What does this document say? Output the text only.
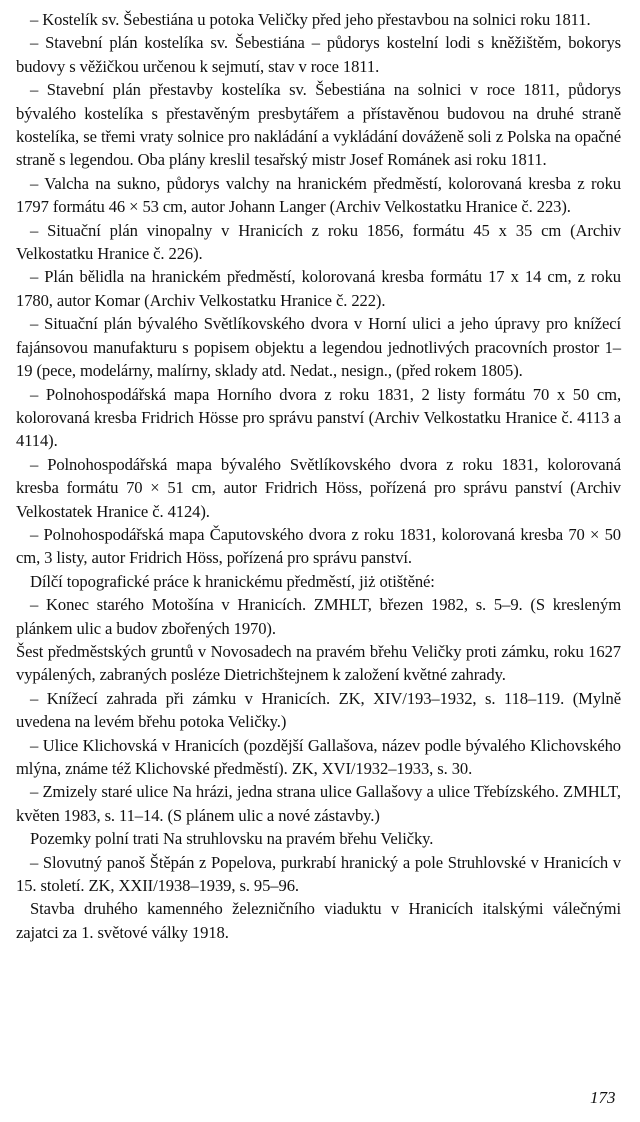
– Kostelík sv. Šebestiána u potoka Veličky před jeho přestavbou na solnici roku 1811.

– Stavební plán kostelíka sv. Šebestiána – půdorys kostelní lodi s kněžištěm, bokorys budovy s věžičkou určenou k sejmutí, stav v roce 1811.

– Stavební plán přestavby kostelíka sv. Šebestiána na solnici v roce 1811, půdorys bývalého kostelíka s přestavěným presbytářem a přístavěnou budovou na druhé straně kostelíka, se třemi vraty solnice pro nakládání a vykládání dováženě soli z Polska na opačné straně s legendou. Oba plány kreslil tesařský mistr Josef Románek asi roku 1811.

– Valcha na sukno, půdorys valchy na hranickém předměstí, kolorovaná kresba z roku 1797 formátu 46 × 53 cm, autor Johann Langer (Archiv Velkostatku Hranice č. 223).

– Situační plán vinopalny v Hranicích z roku 1856, formátu 45 x 35 cm (Archiv Velkostatku Hranice č. 226).

– Plán bělidla na hranickém předměstí, kolorovaná kresba formátu 17 x 14 cm, z roku 1780, autor Komar (Archiv Velkostatku Hranice č. 222).

– Situační plán bývalého Světlíkovského dvora v Horní ulici a jeho úpravy pro knížecí fajánsovou manufakturu s popisem objektu a legendou jednotlivých pracovních prostor 1–19 (pece, modelárny, malírny, sklady atd. Nedat., nesign., (před rokem 1805).

– Polnohospodářská mapa Horního dvora z roku 1831, 2 listy formátu 70 x 50 cm, kolorovaná kresba Fridrich Hösse pro správu panství (Archiv Velkostatku Hranice č. 4113 a 4114).

– Polnohospodářská mapa bývalého Světlíkovského dvora z roku 1831, kolorovaná kresba formátu 70 × 51 cm, autor Fridrich Höss, pořízená pro správu panství (Archiv Velkostatek Hranice č. 4124).

– Polnohospodářská mapa Čaputovského dvora z roku 1831, kolorovaná kresba 70 × 50 cm, 3 listy, autor Fridrich Höss, pořízená pro správu panství.

Dílčí topografické práce k hranickému předměstí, jiż otištěné:

– Konec starého Motošína v Hranicích. ZMHLT, březen 1982, s. 5–9. (S kresleným plánkem ulic a budov zbořených 1970).

Šest předměstských gruntů v Novosadech na pravém břehu Veličky proti zámku, roku 1627 vypálených, zabraných posléze Dietrichštejnem k založení květné zahrady.

– Knížecí zahrada při zámku v Hranicích. ZK, XIV/193–1932, s. 118–119. (Mylně uvedena na levém břehu potoka Veličky.)

– Ulice Klichovská v Hranicích (pozdější Gallašova, název podle bývalého Klichovského mlýna, známe též Klichovské předměstí). ZK, XVI/1932–1933, s. 30.

– Zmizely staré ulice Na hrázi, jedna strana ulice Gallašovy a ulice Třebízského. ZMHLT, květen 1983, s. 11–14. (S plánem ulic a nové zástavby.)

Pozemky polní trati Na struhlovsku na pravém břehu Veličky.

– Slovutný panoš Štěpán z Popelova, purkrabí hranický a pole Struhlovské v Hranicích v 15. století. ZK, XXII/1938–1939, s. 95–96.

Stavba druhého kamenného železničního viaduktu v Hranicích italskými válečnými zajatci za 1. světové války 1918.

173
